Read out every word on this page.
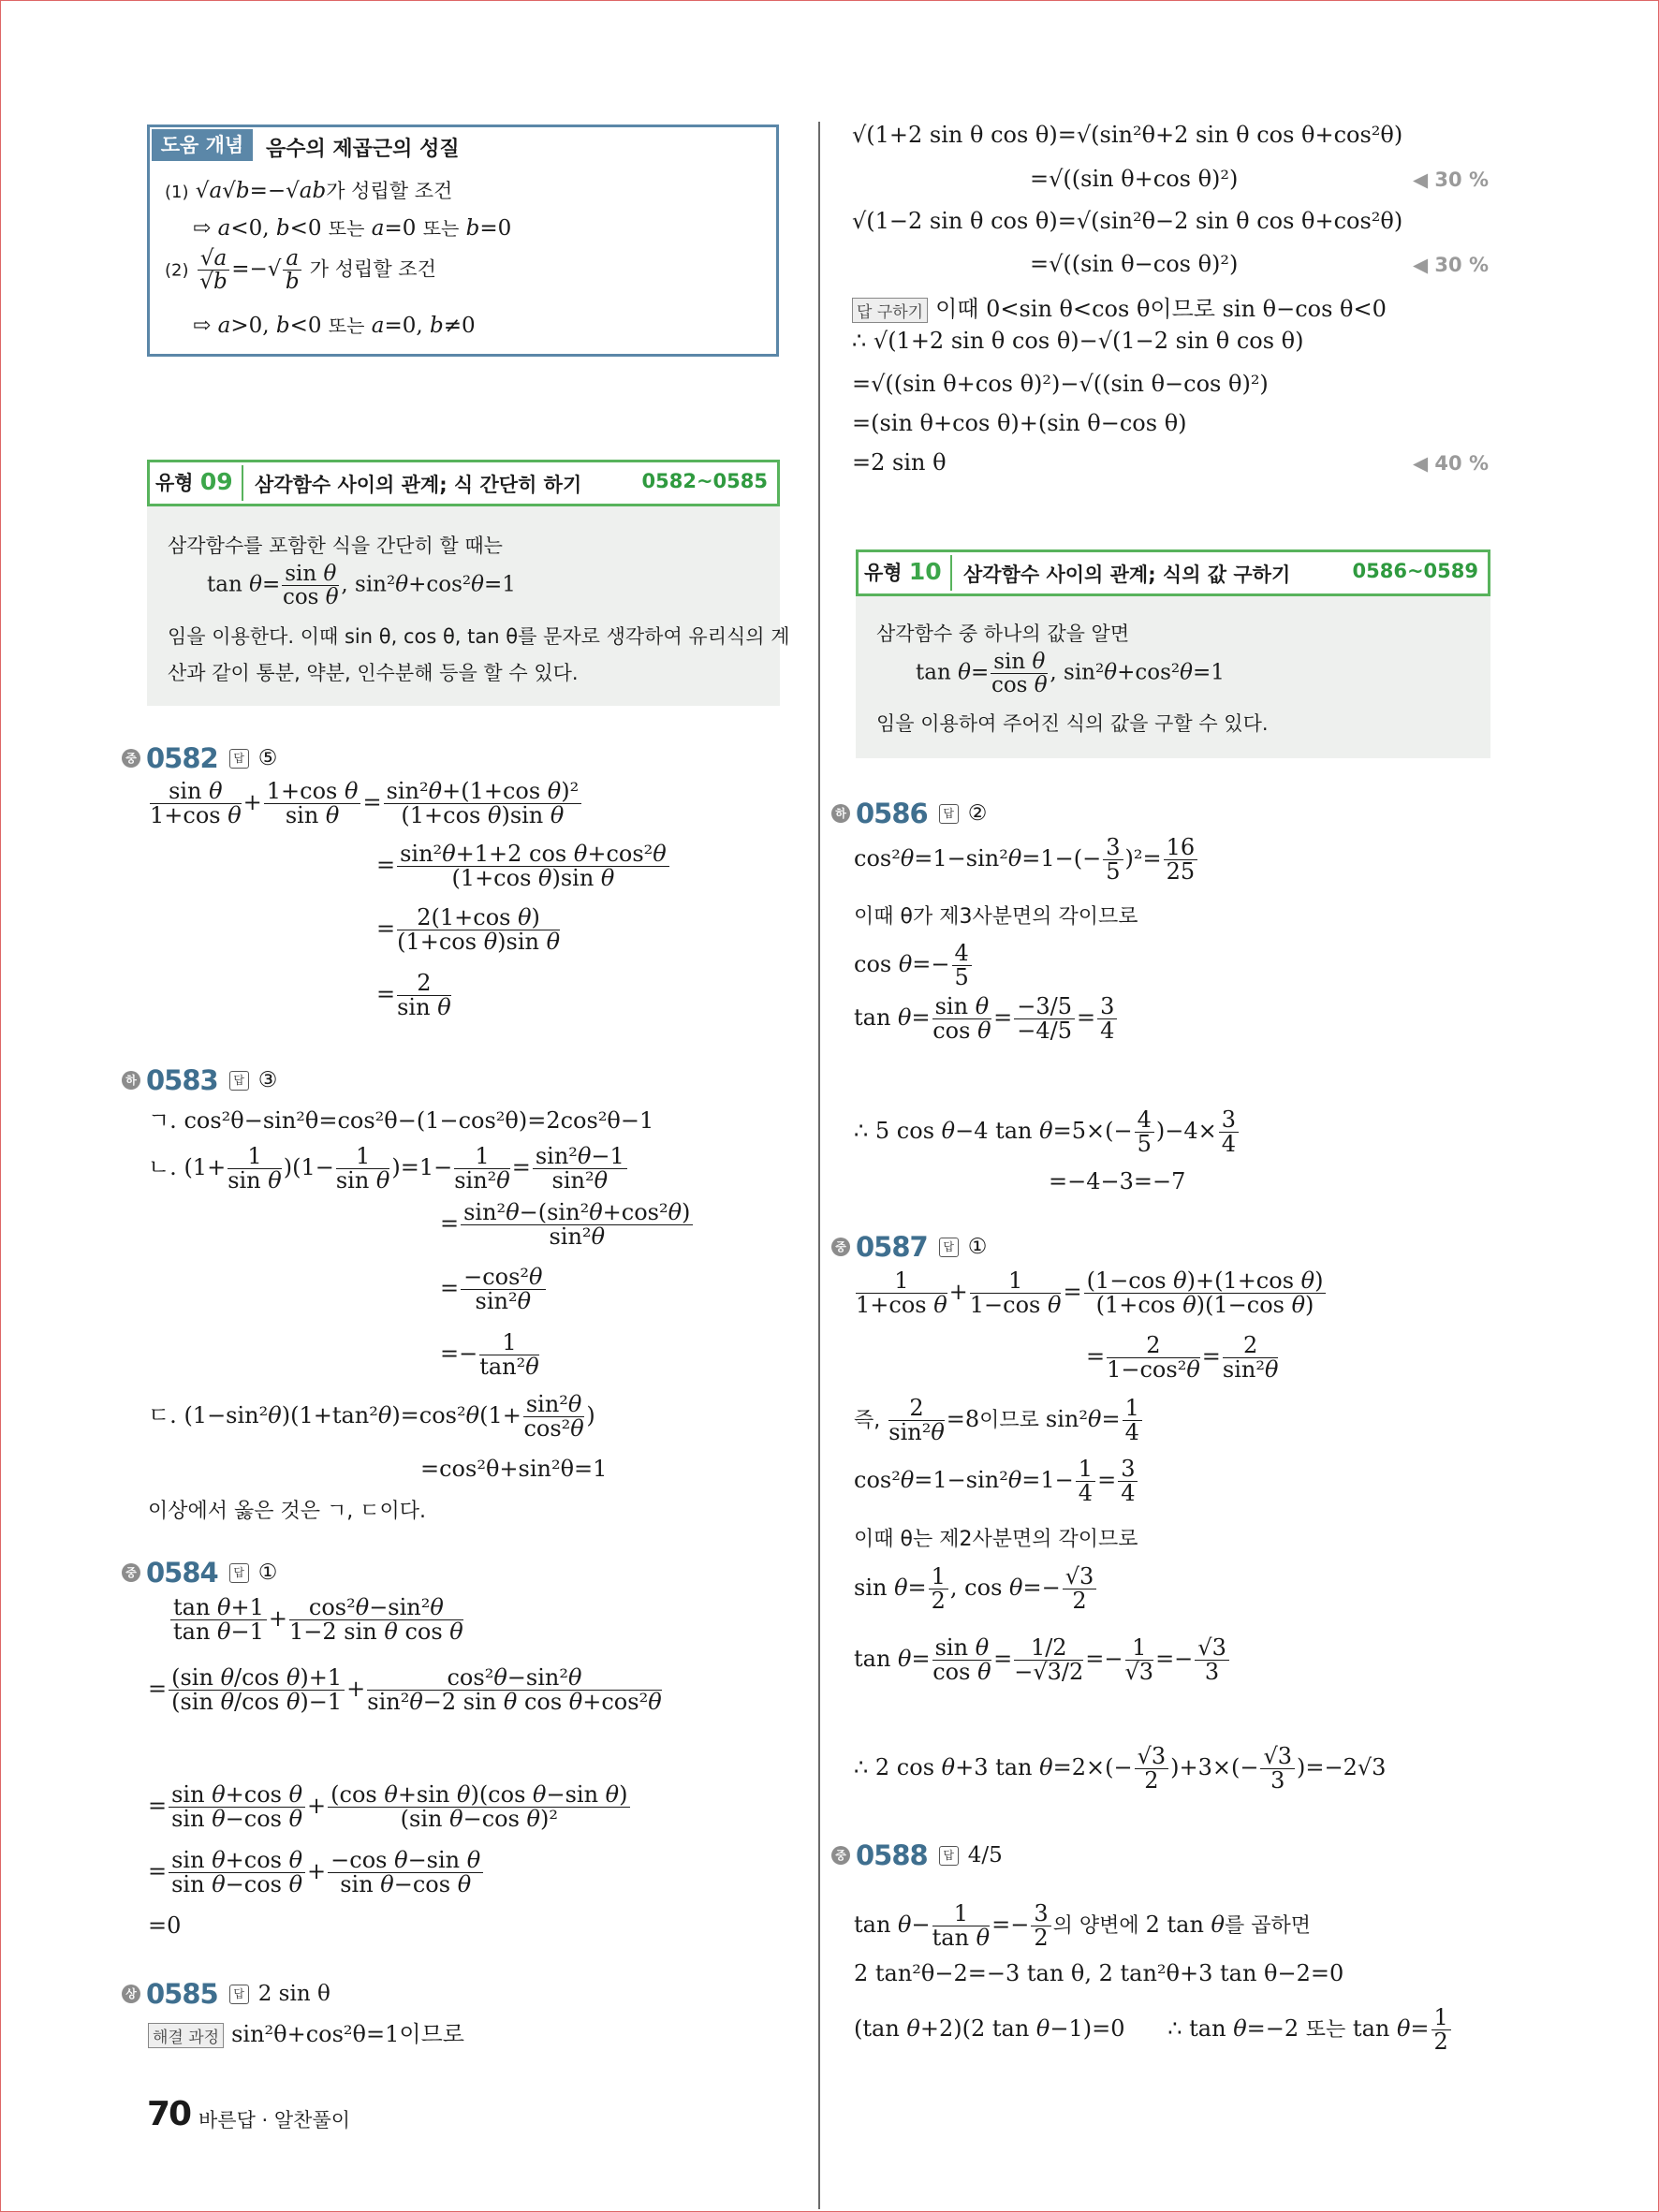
도움 개념	음수의 제곱근의 성질
(1) √a√b=−√ab가 성립할 조건
⇨ a<0, b<0 또는 a=0 또는 b=0
$(2) \frac{√a}{√b}$ =−√ $\frac{a}{b}$ 가 성립할 조건
⇨ a>0, b<0 또는 a=0, b≠0
유형 09 삼각함수 사이의 관계; 식 간단히 하기	0582~0585
삼각함수를 포함한 식을 간단히 할 때는
$\tan \theta= \frac{\text{sin θ}}{\text{cos θ}}$ , sin²θ+cos²θ=1
임을 이용한다. 이때 sin θ, cos θ, tan θ를 문자로 생각하여 유리식의 계
산과 같이 통분, 약분, 인수분해 등을 할 수 있다.
중 0582	답 ⑤
$\frac{\text{sin θ}}{\text{1+cos θ}} + \frac{\text{1+cos θ}}{\text{sin θ}} = \frac{\text{sin²θ+(1+cos θ)²}}{\text{(1+cos θ)sin θ}}$
= $\frac{\text{sin²θ+1+2 cos θ+cos²θ}}{\text{(1+cos θ)sin θ}}$
= $\frac{\text{2(1+cos θ)}}{\text{(1+cos θ)sin θ}}$
= $\frac{2}{\text{sin θ}}$
하 0583	답 ③
ㄱ. cos²θ−sin²θ=cos²θ−(1−cos²θ)=2cos²θ−1
ㄴ. $(1+ \frac{1}{\text{sin θ}} )(1- \frac{1}{\text{sin θ}} )=1- \frac{1}{\text{sin²θ}} = \frac{\text{sin²θ−1}}{\text{sin²θ}}$
= $\frac{\text{sin²θ−(sin²θ+cos²θ)}}{\text{sin²θ}}$
= $\frac{\text{−cos²θ}}{\text{sin²θ}}$
=− $\frac{1}{\text{tan²θ}}$
ㄷ. $(1-\sin^2\theta)(1+\tan^2\theta)=\cos^2\theta(1+ \frac{\text{sin²θ}}{\text{cos²θ}}$ )
=cos²θ+sin²θ=1
이상에서 옳은 것은 ㄱ, ㄷ이다.
중 0584	답 ①
$\frac{\text{tan θ+1}}{\text{tan θ−1}} + \frac{\text{cos²θ−sin²θ}}{\text{1−2 sin θ cos θ}}$
= $\frac{\text{(sin θ/cos θ)+1}}{\text{(sin θ/cos θ)−1}} + \frac{\text{cos²θ−sin²θ}}{\text{sin²θ−2 sin θ cos θ+cos²θ}}$
= $\frac{\text{sin θ+cos θ}}{\text{sin θ−cos θ}} + \frac{\text{(cos θ+sin θ)(cos θ−sin θ)}}{\text{(sin θ−cos θ)²}}$
= $\frac{\text{sin θ+cos θ}}{\text{sin θ−cos θ}} + \frac{\text{−cos θ−sin θ}}{\text{sin θ−cos θ}}$
=0
상 0585	답 2 sin θ
해결 과정 sin²θ+cos²θ=1이므로
√(1+2 sin θ cos θ)=√(sin²θ+2 sin θ cos θ+cos²θ)
=√((sin θ+cos θ)²)	◀ 30 %
√(1−2 sin θ cos θ)=√(sin²θ−2 sin θ cos θ+cos²θ)
=√((sin θ−cos θ)²)	◀ 30 %
답 구하기 이때 0<sin θ<cos θ이므로 sin θ−cos θ<0
∴ √(1+2 sin θ cos θ)−√(1−2 sin θ cos θ)
=√((sin θ+cos θ)²)−√((sin θ−cos θ)²)
=(sin θ+cos θ)+(sin θ−cos θ)
=2 sin θ	◀ 40 %
유형 10 삼각함수 사이의 관계; 식의 값 구하기	0586~0589
삼각함수 중 하나의 값을 알면
$\tan \theta= \frac{\text{sin θ}}{\text{cos θ}}$ , sin²θ+cos²θ=1
임을 이용하여 주어진 식의 값을 구할 수 있다.
하 0586	답 ②
$\cos^2\theta=1-\sin^2\theta=1-(- \frac{3}{5} )^2= \frac{16}{25}$
이때 θ가 제3사분면의 각이므로
$\cos \theta=- \frac{4}{5}$
$\tan \theta= \frac{\text{sin θ}}{\text{cos θ}} = \frac{-3/5}{-4/5} = \frac{3}{4}$
∴ 5 cos θ−4 $\tan \theta=5\times(- \frac{4}{5} )-4\times \frac{3}{4}$
=−4−3=−7
중 0587	답 ①
$\frac{1}{\text{1+cos θ}} + \frac{1}{\text{1−cos θ}} = \frac{\text{(1−cos θ)+(1+cos θ)}}{\text{(1+cos θ)(1−cos θ)}}$
= $\frac{2}{\text{1−cos²θ}} = \frac{2}{\text{sin²θ}}$
즉, $\frac{2}{\text{sin²θ}} =8$이므로 $\sin^2\theta= \frac{1}{4}$
$\cos^2\theta=1-\sin^2\theta=1- \frac{1}{4} = \frac{3}{4}$
이때 θ는 제2사분면의 각이므로
$\sin \theta= \frac{1}{2}$ , $\cos \theta=- \frac{√3}{2}$
$\tan \theta= \frac{\text{sin θ}}{\text{cos θ}} = \frac{1/2}{-√3/2} =- \frac{1}{√3} =- \frac{√3}{3}$
∴ 2 cos θ+3 $\tan \theta=2\times(- \frac{√3}{2} )+3\times(- \frac{√3}{3} )=-2√3$
중 0588	답 4/5
$\tan \theta- \frac{1}{\text{tan θ}} =- \frac{3}{2}$ 의 양변에 2 tan θ를 곱하면
2 tan²θ−2=−3 tan θ, 2 tan²θ+3 tan θ−2=0
(tan θ+2)(2 tan θ−1)=0      ∴ tan θ=−2 또는 $\tan \theta= \frac{1}{2}$
70 바른답 · 알찬풀이
